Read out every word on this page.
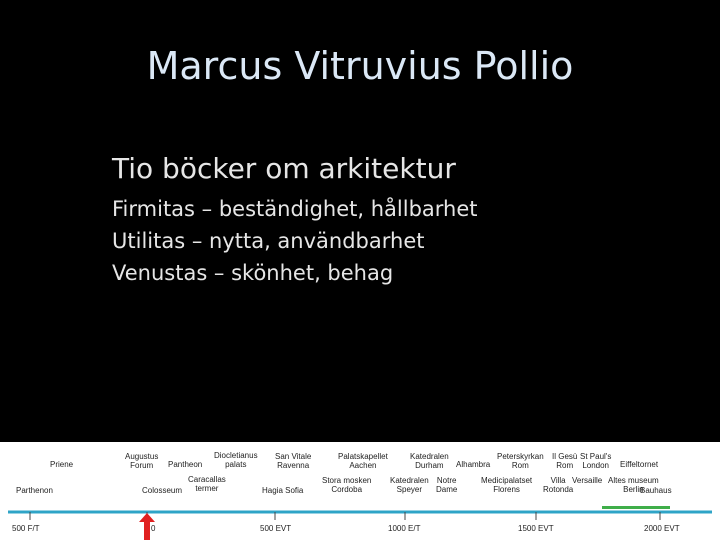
Marcus Vitruvius Pollio
Tio böcker om arkitektur
Firmitas – beständighet, hållbarhet
Utilitas – nytta, användbarhet
Venustas – skönhet, behag
Priene
Parthenon
Augustus
Forum	Pantheon
Colosseum
Caracallas
termer
Diocletianus
palats
San Vitale
Ravenna
Hagia Sofia
Palatskapellet
Aachen
Stora mosken
Cordoba
Katedralen
Durham	Alhambra
Katedralen
Speyer
Notre
Dame
Peterskyrkan
Rom
Il Gesù
Rom
St Paul's
London
Medicipalatset
Florens
Villa
Rotonda
Versaille
Eiffeltornet
Altes museum
Berlin
Bauhaus
500 F/T	0	500 EVT	1000 E/T	1500 EVT	2000 EVT
